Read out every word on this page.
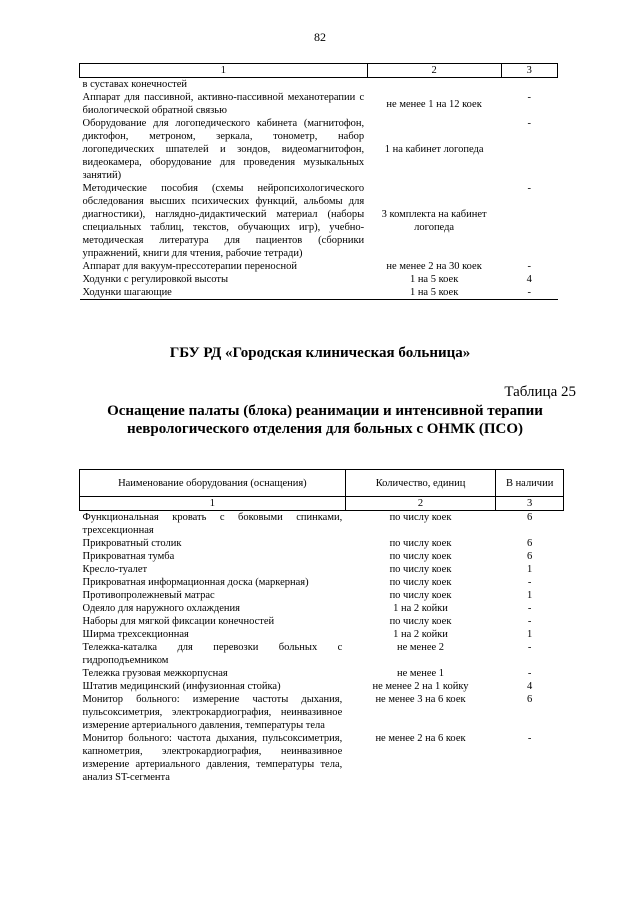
82
1	2	3
в суставах конечностей		
Аппарат для пассивной, активно-пассивной механотерапии с биологической обратной связью	не менее 1 на 12 коек	-
Оборудование для логопедического кабинета (магнитофон, диктофон, метроном, зеркала, тонометр, набор логопедических шпателей и зондов, видеомагнитофон, видеокамера, оборудование для проведения музыкальных занятий)	1 на кабинет логопеда	-
Методические пособия (схемы нейропсихологического обследования высших психических функций, альбомы для диагностики), наглядно-дидактический материал (наборы специальных таблиц, текстов, обучающих игр), учебно-методическая литература для пациентов (сборники упражнений, книги для чтения, рабочие тетради)	3 комплекта на кабинет логопеда	-
Аппарат для вакуум-прессотерапии переносной	не менее 2 на 30 коек	-
Ходунки с регулировкой высоты	1 на 5 коек	4
Ходунки шагающие	1 на 5 коек	-
ГБУ РД «Городская клиническая больница»
Таблица 25
Оснащение палаты (блока) реанимации и интенсивной терапии неврологического отделения для больных с ОНМК (ПСО)
Наименование оборудования (оснащения)	Количество, единиц	В наличии
1	2	3
Функциональная кровать с боковыми спинками, трехсекционная	по числу коек	6
Прикроватный столик	по числу коек	6
Прикроватная тумба	по числу коек	6
Кресло-туалет	по числу коек	1
Прикроватная информационная доска (маркерная)	по числу коек	-
Противопролежневый матрас	по числу коек	1
Одеяло для наружного охлаждения	1 на 2 койки	-
Наборы для мягкой фиксации конечностей	по числу коек	-
Ширма трехсекционная	1 на 2 койки	1
Тележка-каталка для перевозки больных с гидроподъемником	не менее 2	-
Тележка грузовая межкорпусная	не менее 1	-
Штатив медицинский (инфузионная стойка)	не менее 2 на 1 койку	4
Монитор больного: измерение частоты дыхания, пульсоксиметрия, электрокардиография, неинвазивное измерение артериального давления, температуры тела	не менее 3 на 6 коек	6
Монитор больного: частота дыхания, пульсоксиметрия, капнометрия, электрокардиография, неинвазивное измерение артериального давления, температуры тела, анализ ST-сегмента	не менее 2 на 6 коек	-
